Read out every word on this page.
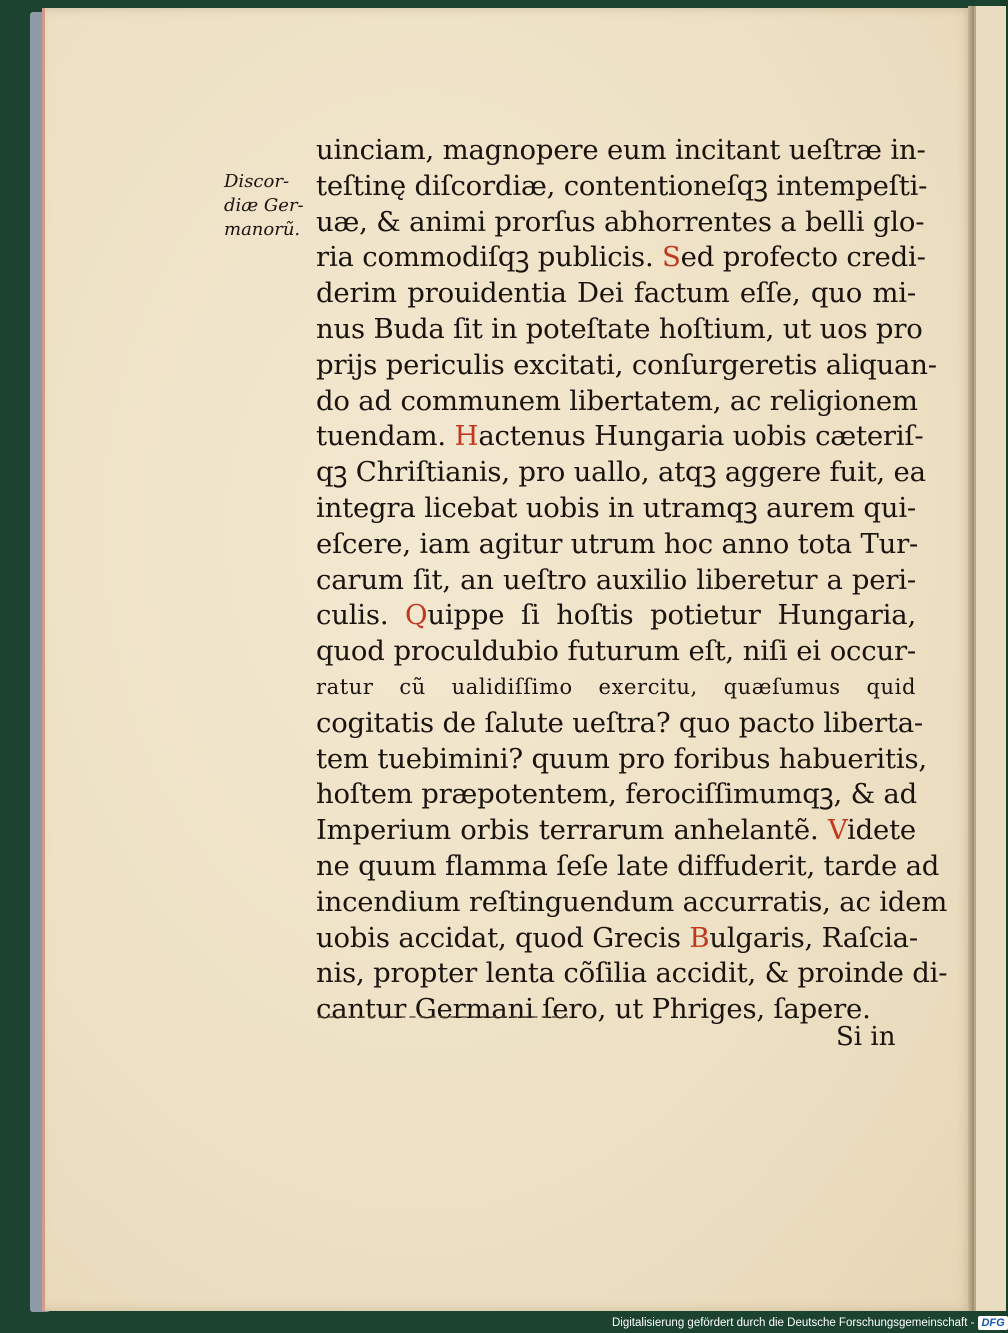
Discor-
diæ Ger-
manorũ.
uinciam, magnopere eum incitant ueſtræ in-
teſtinę diſcordiæ, contentioneſqꝫ intempeſti-
uæ, & animi prorſus abhorrentes a belli glo-
ria commodiſqꝫ publicis. Sed profecto credi-
derim prouidentia Dei factum eſſe, quo mi-
nus Buda ſit in poteſtate hoſtium, ut uos pro
prijs periculis excitati, conſurgeretis aliquan-
do ad communem libertatem, ac religionem
tuendam. Hactenus Hungaria uobis cæteriſ-
qꝫ Chriſtianis, pro uallo, atqꝫ aggere fuit, ea
integra licebat uobis in utramqꝫ aurem qui-
eſcere, iam agitur utrum hoc anno tota Tur-
carum ſit, an ueſtro auxilio liberetur a peri-
culis. Quippe ſi hoſtis potietur Hungaria,
quod proculdubio futurum eſt, niſi ei occur-
ratur cũ ualidiſſimo exercitu, quæſumus quid
cogitatis de ſalute ueſtra? quo pacto liberta-
tem tuebimini? quum pro foribus habueritis,
hoſtem præpotentem, ferociſſimumqꝫ, & ad
Imperium orbis terrarum anhelantẽ. Videte
ne quum flamma ſeſe late diffuderit, tarde ad
incendium reſtinguendum accurratis, ac idem
uobis accidat, quod Grecis Bulgaris, Raſcia-
nis, propter lenta cõſilia accidit, & proinde di-
cantur Germani ſero, ut Phriges, ſapere.
Si in
Digitalisierung gefördert durch die Deutsche Forschungsgemeinschaft - DFG
